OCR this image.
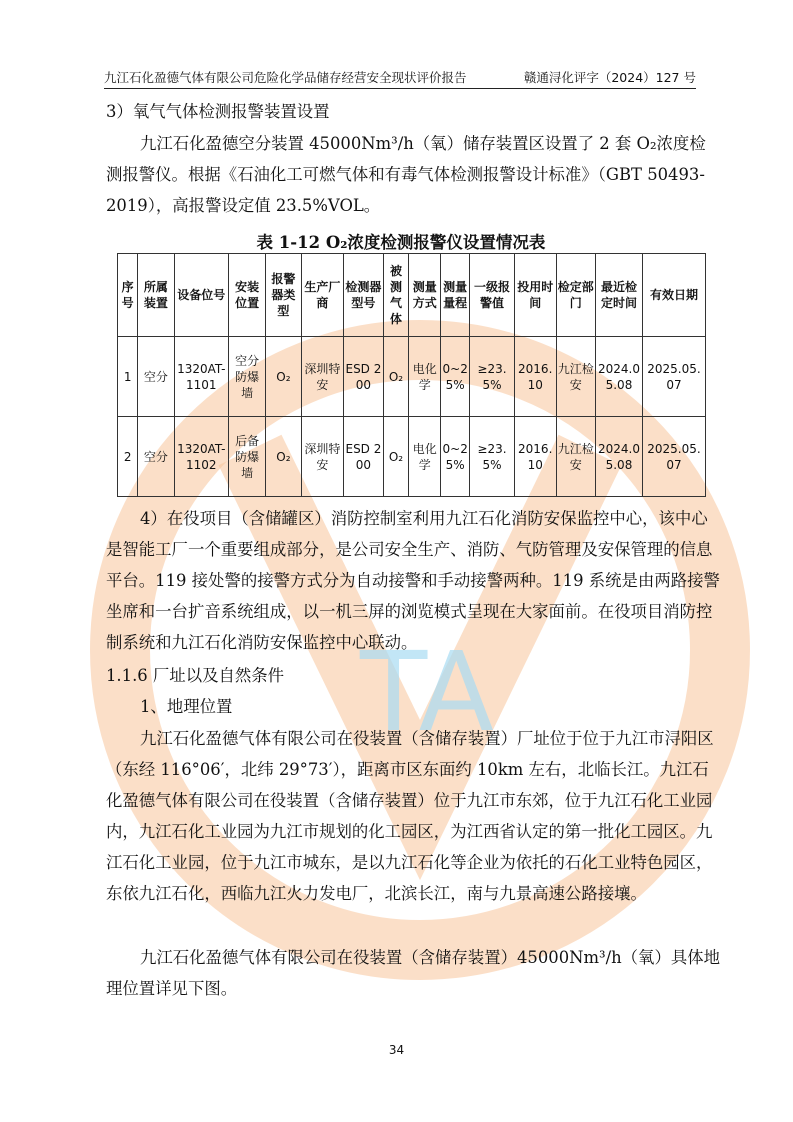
TA
九江石化盈德气体有限公司危险化学品储存经营安全现状评价报告	赣通浔化评字（2024）127 号

3）氧气气体检测报警装置设置

九江石化盈德空分装置 45000Nm³/h（氧）储存装置区设置了 2 套 O₂浓度检测报警仪。根据《石油化工可燃气体和有毒气体检测报警设计标准》（GBT 50493-2019），高报警设定值 23.5%VOL。

表 1-12 O₂浓度检测报警仪设置情况表
序号	所属装置	设备位号	安装位置	报警器类型	生产厂商	检测器型号	被测气体	测量方式	测量量程	一级报警值	投用时间	检定部门	最近检定时间	有效日期
1	空分	1320AT-1101	空分防爆墙	O₂	深圳特安	ESD 200	O₂	电化学	0~25%	≥23.5%	2016.10	九江检安	2024.05.08	2025.05.07
2	空分	1320AT-1102	后备防爆墙	O₂	深圳特安	ESD 200	O₂	电化学	0~25%	≥23.5%	2016.10	九江检安	2024.05.08	2025.05.07

4）在役项目（含储罐区）消防控制室利用九江石化消防安保监控中心，该中心是智能工厂一个重要组成部分，是公司安全生产、消防、气防管理及安保管理的信息平台。119 接处警的接警方式分为自动接警和手动接警两种。119 系统是由两路接警坐席和一台扩音系统组成，以一机三屏的浏览模式呈现在大家面前。在役项目消防控制系统和九江石化消防安保监控中心联动。

1.1.6 厂址以及自然条件

1、地理位置

九江石化盈德气体有限公司在役装置（含储存装置）厂址位于位于九江市浔阳区（东经 116°06′，北纬 29°73′），距离市区东面约 10km 左右，北临长江。九江石化盈德气体有限公司在役装置（含储存装置）位于九江市东郊，位于九江石化工业园内，九江石化工业园为九江市规划的化工园区，为江西省认定的第一批化工园区。九江石化工业园，位于九江市城东，是以九江石化等企业为依托的石化工业特色园区，东依九江石化，西临九江火力发电厂，北滨长江，南与九景高速公路接壤。

九江石化盈德气体有限公司在役装置（含储存装置）45000Nm³/h（氧）具体地理位置详见下图。

34
